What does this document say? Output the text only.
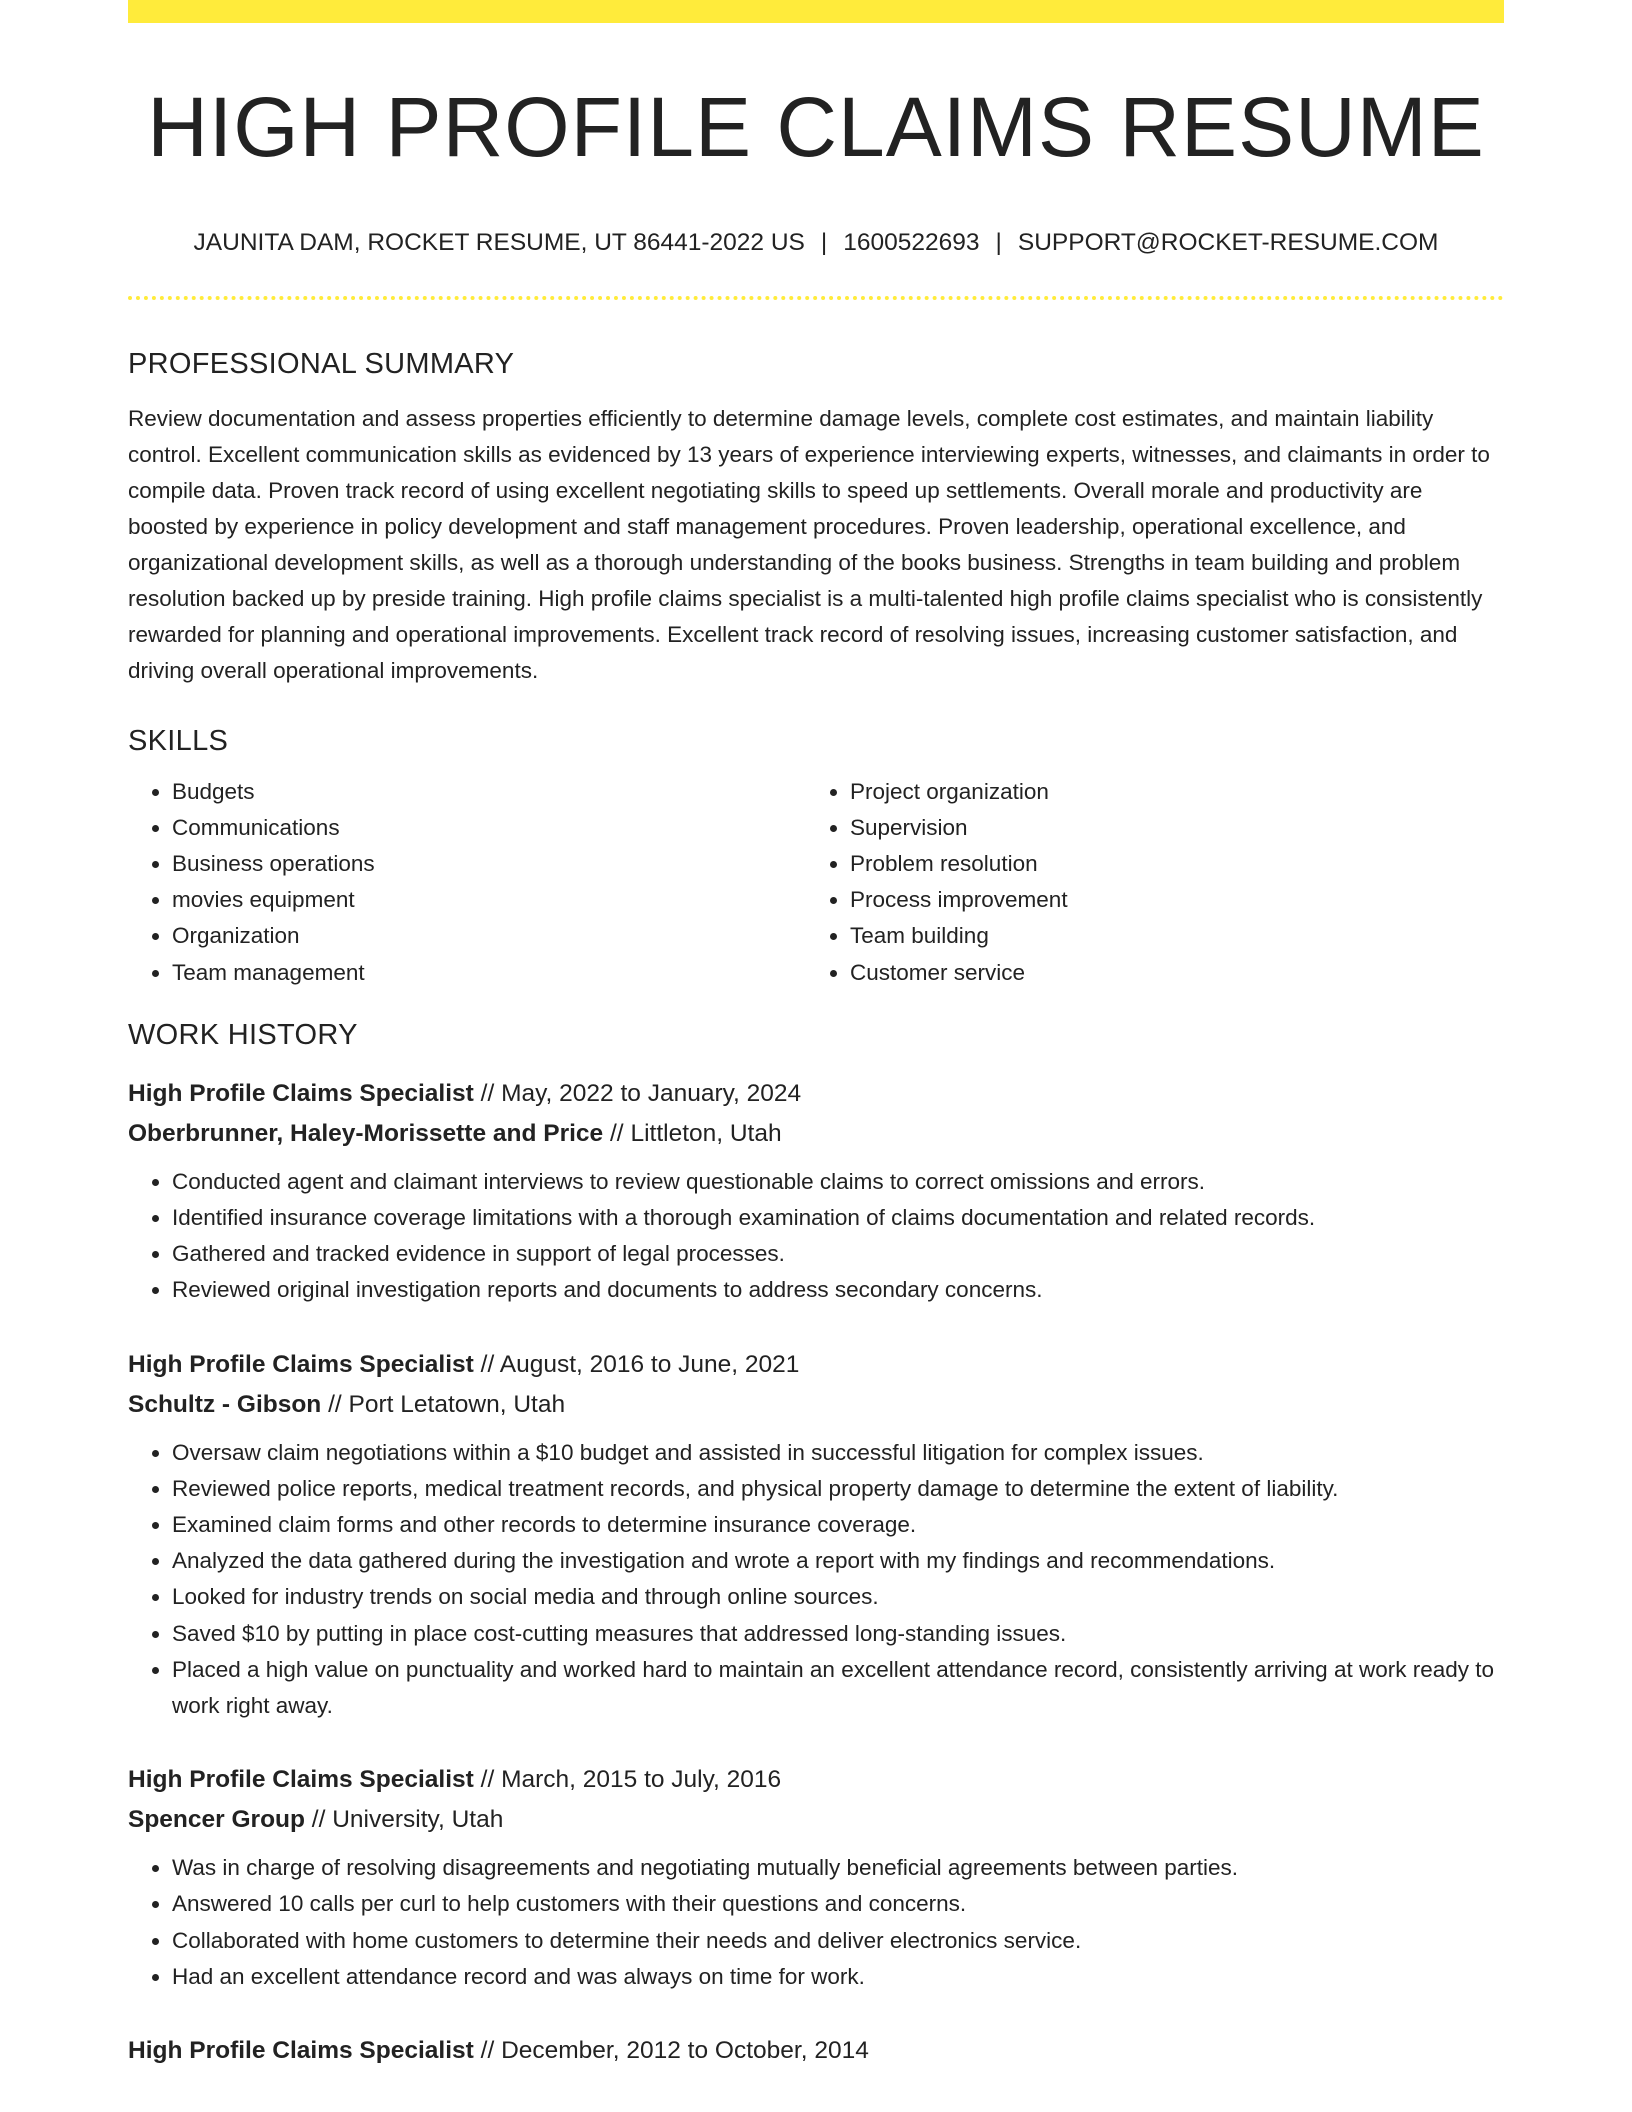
HIGH PROFILE CLAIMS RESUME
JAUNITA DAM, ROCKET RESUME, UT 86441-2022 US | 1600522693 | SUPPORT@ROCKET-RESUME.COM
PROFESSIONAL SUMMARY

Review documentation and assess properties efficiently to determine damage levels, complete cost estimates, and maintain liability control. Excellent communication skills as evidenced by 13 years of experience interviewing experts, witnesses, and claimants in order to compile data. Proven track record of using excellent negotiating skills to speed up settlements. Overall morale and productivity are boosted by experience in policy development and staff management procedures. Proven leadership, operational excellence, and organizational development skills, as well as a thorough understanding of the books business. Strengths in team building and problem resolution backed up by preside training. High profile claims specialist is a multi-talented high profile claims specialist who is consistently rewarded for planning and operational improvements. Excellent track record of resolving issues, increasing customer satisfaction, and driving overall operational improvements.

SKILLS
• Budgets
• Communications
• Business operations
• movies equipment
• Organization
• Team management
• Project organization
• Supervision
• Problem resolution
• Process improvement
• Team building
• Customer service
WORK HISTORY
High Profile Claims Specialist // May, 2022 to January, 2024
Oberbrunner, Haley-Morissette and Price // Littleton, Utah
• Conducted agent and claimant interviews to review questionable claims to correct omissions and errors.
• Identified insurance coverage limitations with a thorough examination of claims documentation and related records.
• Gathered and tracked evidence in support of legal processes.
• Reviewed original investigation reports and documents to address secondary concerns.
High Profile Claims Specialist // August, 2016 to June, 2021
Schultz - Gibson // Port Letatown, Utah
• Oversaw claim negotiations within a $10 budget and assisted in successful litigation for complex issues.
• Reviewed police reports, medical treatment records, and physical property damage to determine the extent of liability.
• Examined claim forms and other records to determine insurance coverage.
• Analyzed the data gathered during the investigation and wrote a report with my findings and recommendations.
• Looked for industry trends on social media and through online sources.
• Saved $10 by putting in place cost-cutting measures that addressed long-standing issues.
• Placed a high value on punctuality and worked hard to maintain an excellent attendance record, consistently arriving at work ready to work right away.
High Profile Claims Specialist // March, 2015 to July, 2016
Spencer Group // University, Utah
• Was in charge of resolving disagreements and negotiating mutually beneficial agreements between parties.
• Answered 10 calls per curl to help customers with their questions and concerns.
• Collaborated with home customers to determine their needs and deliver electronics service.
• Had an excellent attendance record and was always on time for work.
High Profile Claims Specialist // December, 2012 to October, 2014
